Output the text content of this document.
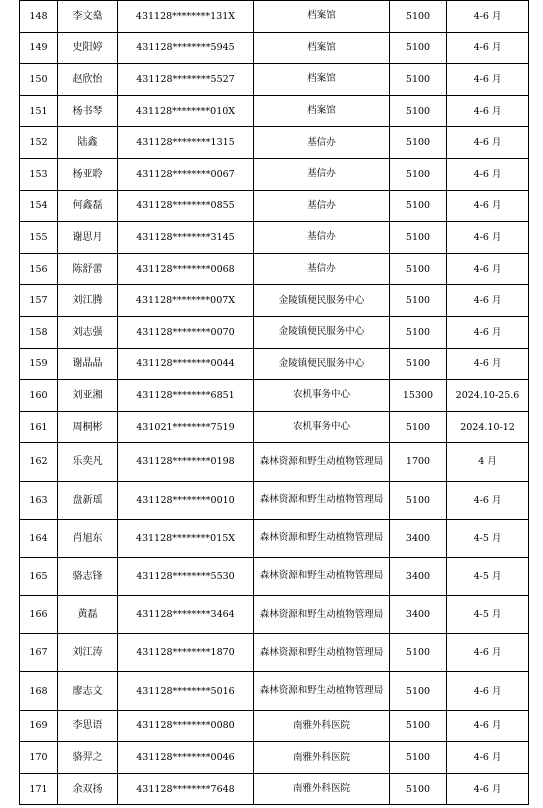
148	李文燊	431128********131X	档案馆	5100	4-6 月
149	史阳婷	431128********5945	档案馆	5100	4-6 月
150	赵欣怡	431128********5527	档案馆	5100	4-6 月
151	杨书琴	431128********010X	档案馆	5100	4-6 月
152	陆鑫	431128********1315	基信办	5100	4-6 月
153	杨亚聆	431128********0067	基信办	5100	4-6 月
154	何鑫磊	431128********0855	基信办	5100	4-6 月
155	谢思月	431128********3145	基信办	5100	4-6 月
156	陈舒蕾	431128********0068	基信办	5100	4-6 月
157	刘江腾	431128********007X	金陵镇便民服务中心	5100	4-6 月
158	刘志强	431128********0070	金陵镇便民服务中心	5100	4-6 月
159	谢晶晶	431128********0044	金陵镇便民服务中心	5100	4-6 月
160	刘亚湘	431128********6851	农机事务中心	15300	2024.10-25.6
161	周桐彬	431021********7519	农机事务中心	5100	2024.10-12
162	乐奕凡	431128********0198	森林资源和野生动植物管理局	1700	4 月
163	盘新瑶	431128********0010	森林资源和野生动植物管理局	5100	4-6 月
164	肖旭东	431128********015X	森林资源和野生动植物管理局	3400	4-5 月
165	骆志锋	431128********5530	森林资源和野生动植物管理局	3400	4-5 月
166	黄磊	431128********3464	森林资源和野生动植物管理局	3400	4-5 月
167	刘江涛	431128********1870	森林资源和野生动植物管理局	5100	4-6 月
168	廖志文	431128********5016	森林资源和野生动植物管理局	5100	4-6 月
169	李思语	431128********0080	南雅外科医院	5100	4-6 月
170	骆羿之	431128********0046	南雅外科医院	5100	4-6 月
171	余双扬	431128********7648	南雅外科医院	5100	4-6 月
